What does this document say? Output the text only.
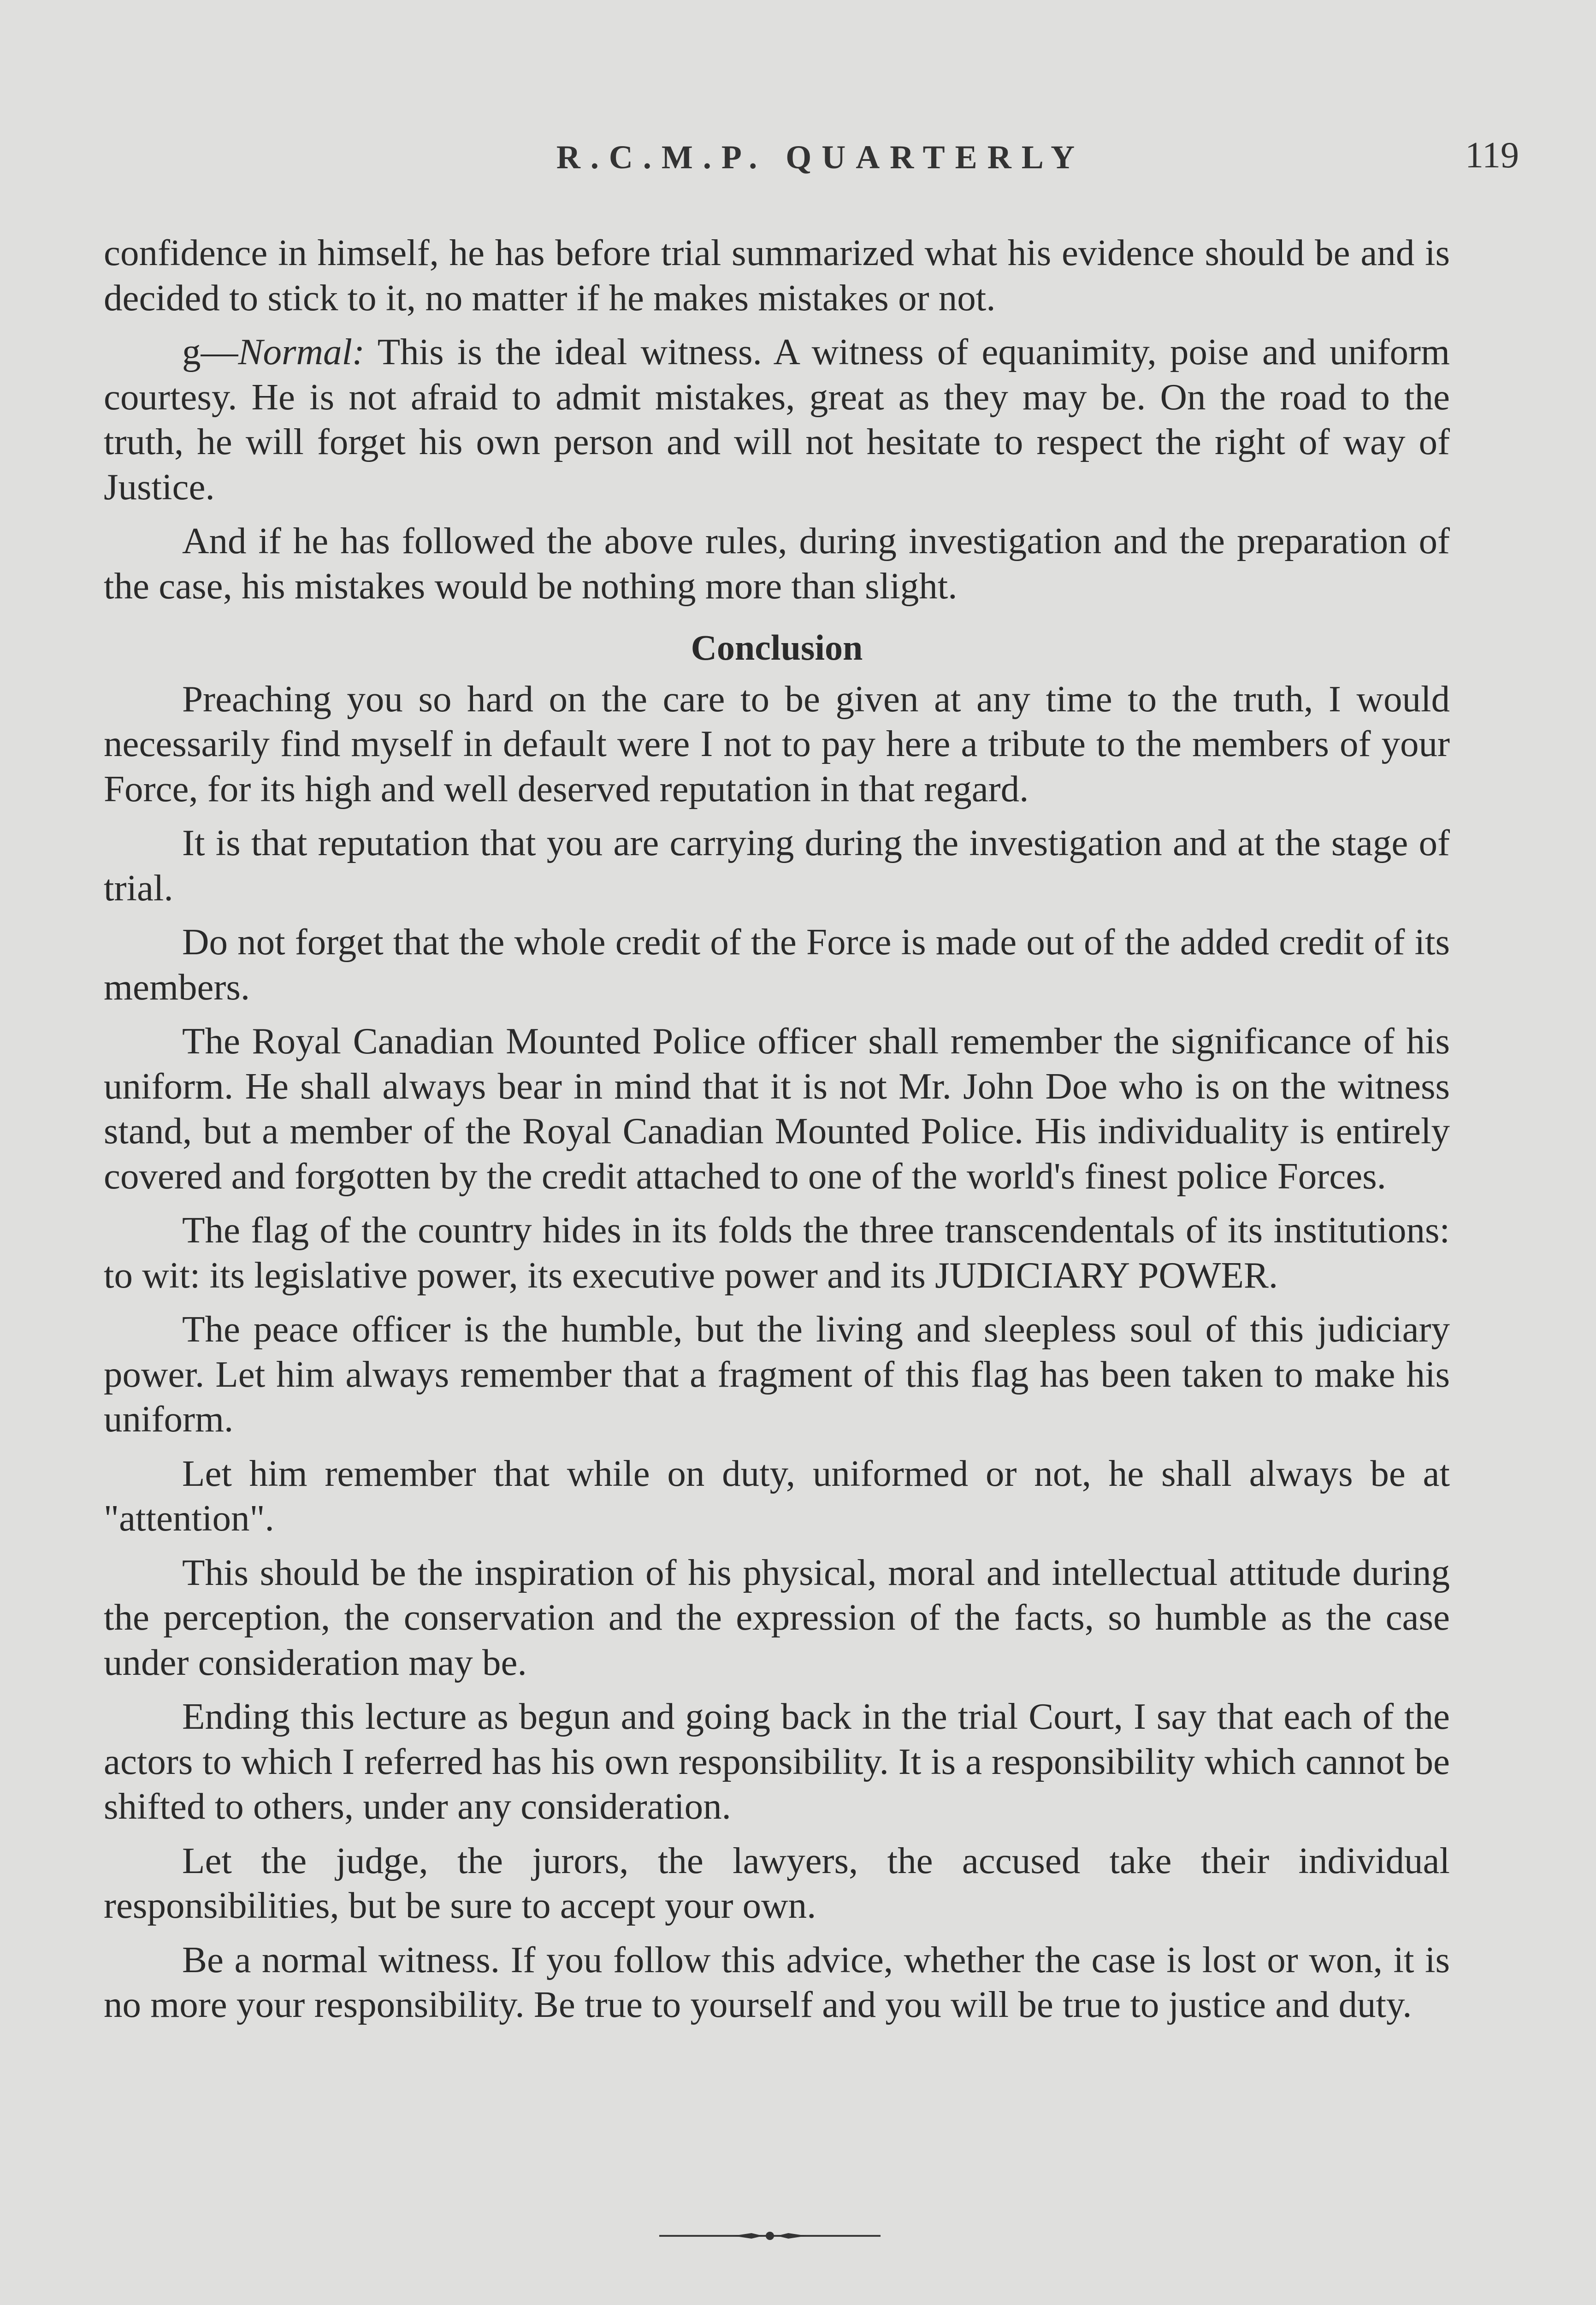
R.C.M.P. QUARTERLY	119

confidence in himself, he has before trial summarized what his evidence should be and is decided to stick to it, no matter if he makes mistakes or not.

g—Normal: This is the ideal witness. A witness of equanimity, poise and uniform courtesy. He is not afraid to admit mistakes, great as they may be. On the road to the truth, he will forget his own person and will not hesitate to respect the right of way of Justice.

And if he has followed the above rules, during investigation and the preparation of the case, his mistakes would be nothing more than slight.

Conclusion

Preaching you so hard on the care to be given at any time to the truth, I would necessarily find myself in default were I not to pay here a tribute to the members of your Force, for its high and well deserved reputation in that regard.

It is that reputation that you are carrying during the investigation and at the stage of trial.

Do not forget that the whole credit of the Force is made out of the added credit of its members.

The Royal Canadian Mounted Police officer shall remember the significance of his uniform. He shall always bear in mind that it is not Mr. John Doe who is on the witness stand, but a member of the Royal Canadian Mounted Police. His individuality is entirely covered and forgotten by the credit attached to one of the world's finest police Forces.

The flag of the country hides in its folds the three transcendentals of its institutions: to wit: its legislative power, its executive power and its JUDICIARY POWER.

The peace officer is the humble, but the living and sleepless soul of this judiciary power. Let him always remember that a fragment of this flag has been taken to make his uniform.

Let him remember that while on duty, uniformed or not, he shall always be at "attention".

This should be the inspiration of his physical, moral and intellectual attitude during the perception, the conservation and the expression of the facts, so humble as the case under consideration may be.

Ending this lecture as begun and going back in the trial Court, I say that each of the actors to which I referred has his own responsibility. It is a responsibility which cannot be shifted to others, under any consideration.

Let the judge, the jurors, the lawyers, the accused take their individual responsibilities, but be sure to accept your own.

Be a normal witness. If you follow this advice, whether the case is lost or won, it is no more your responsibility. Be true to yourself and you will be true to justice and duty.
